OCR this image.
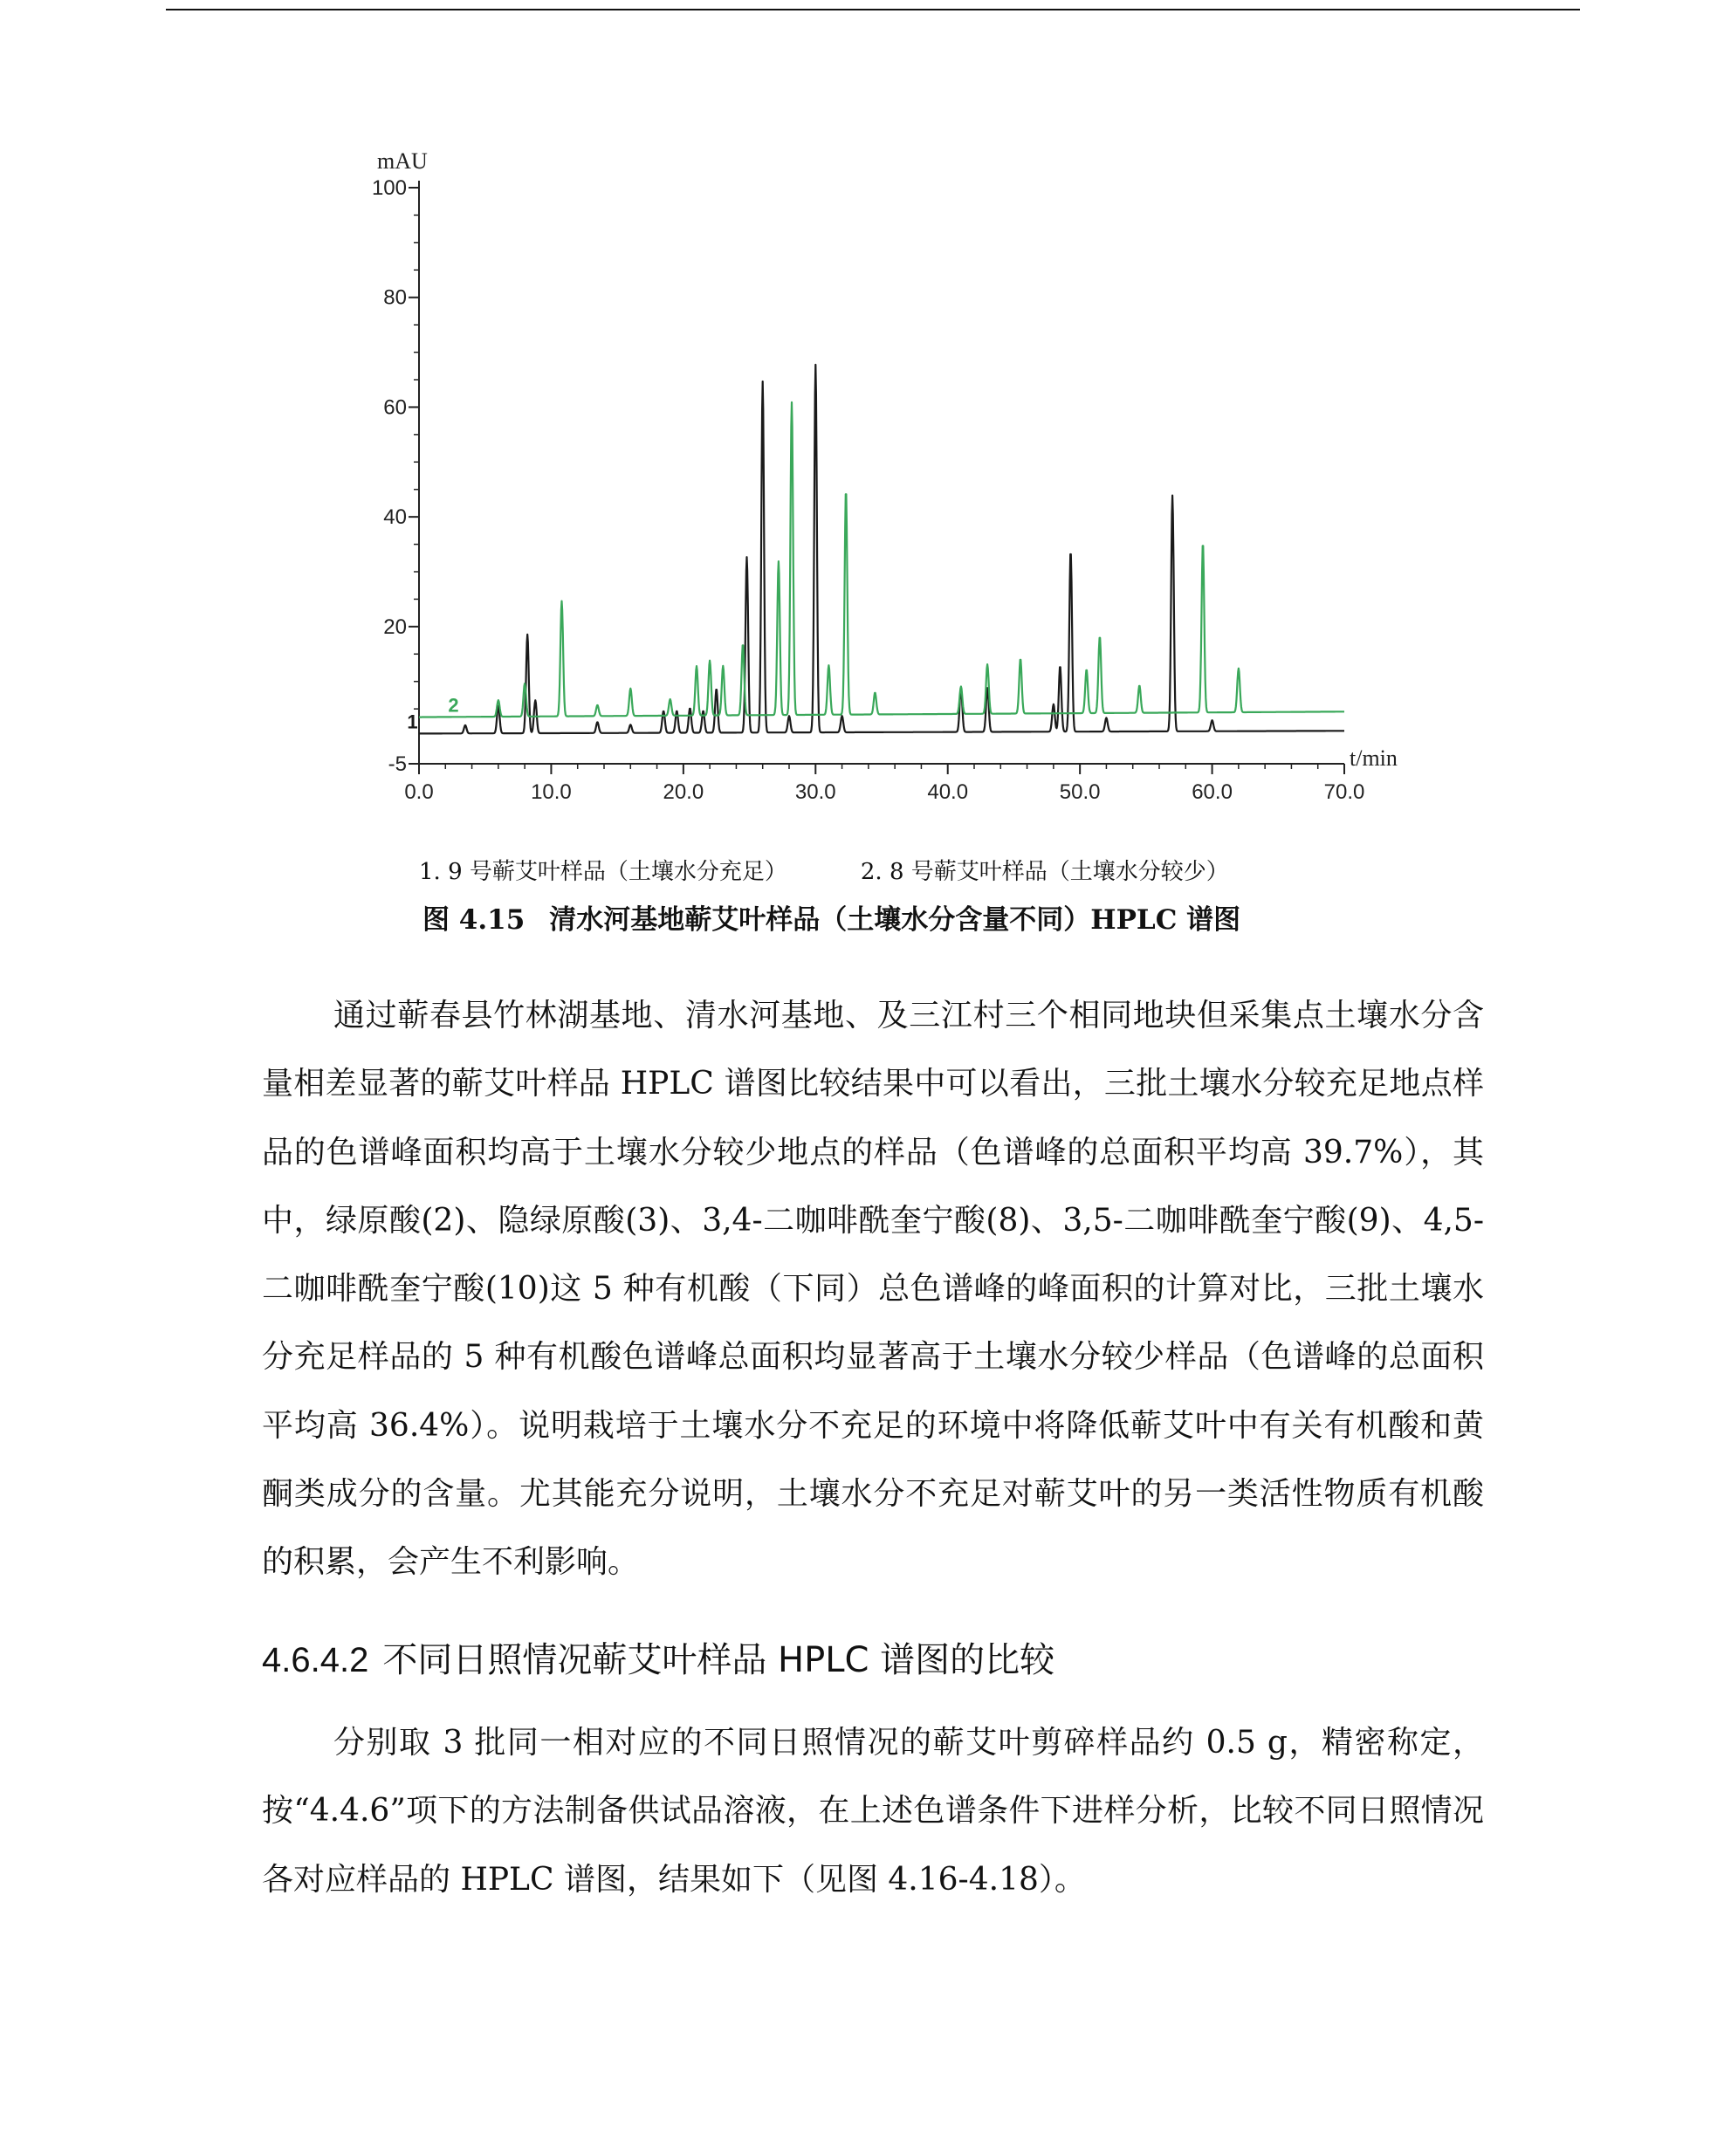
100
80
60
40
20
-5
0.0	10.0	20.0	30.0	40.0	50.0	60.0	70.0
mAU
t/min
1
2
1. 9 号蕲艾叶样品（土壤水分充足）	2. 8 号蕲艾叶样品（土壤水分较少）
图 4.15 清水河基地蕲艾叶样品（土壤水分含量不同）HPLC 谱图

通过蕲春县竹林湖基地、清水河基地、及三江村三个相同地块但采集点土壤水分含量相差显著的蕲艾叶样品 HPLC 谱图比较结果中可以看出，三批土壤水分较充足地点样品的色谱峰面积均高于土壤水分较少地点的样品（色谱峰的总面积平均高 39.7%），其中，绿原酸(2)、隐绿原酸(3)、3,4-二咖啡酰奎宁酸(8)、3,5-二咖啡酰奎宁酸(9)、4,5-二咖啡酰奎宁酸(10)这 5 种有机酸（下同）总色谱峰的峰面积的计算对比，三批土壤水分充足样品的 5 种有机酸色谱峰总面积均显著高于土壤水分较少样品（色谱峰的总面积平均高 36.4%）。说明栽培于土壤水分不充足的环境中将降低蕲艾叶中有关有机酸和黄酮类成分的含量。尤其能充分说明，土壤水分不充足对蕲艾叶的另一类活性物质有机酸的积累，会产生不利影响。

4.6.4.2 不同日照情况蕲艾叶样品 HPLC 谱图的比较

分别取 3 批同一相对应的不同日照情况的蕲艾叶剪碎样品约 0.5 g，精密称定，按“4.4.6”项下的方法制备供试品溶液，在上述色谱条件下进样分析，比较不同日照情况各对应样品的 HPLC 谱图，结果如下（见图 4.16-4.18）。
